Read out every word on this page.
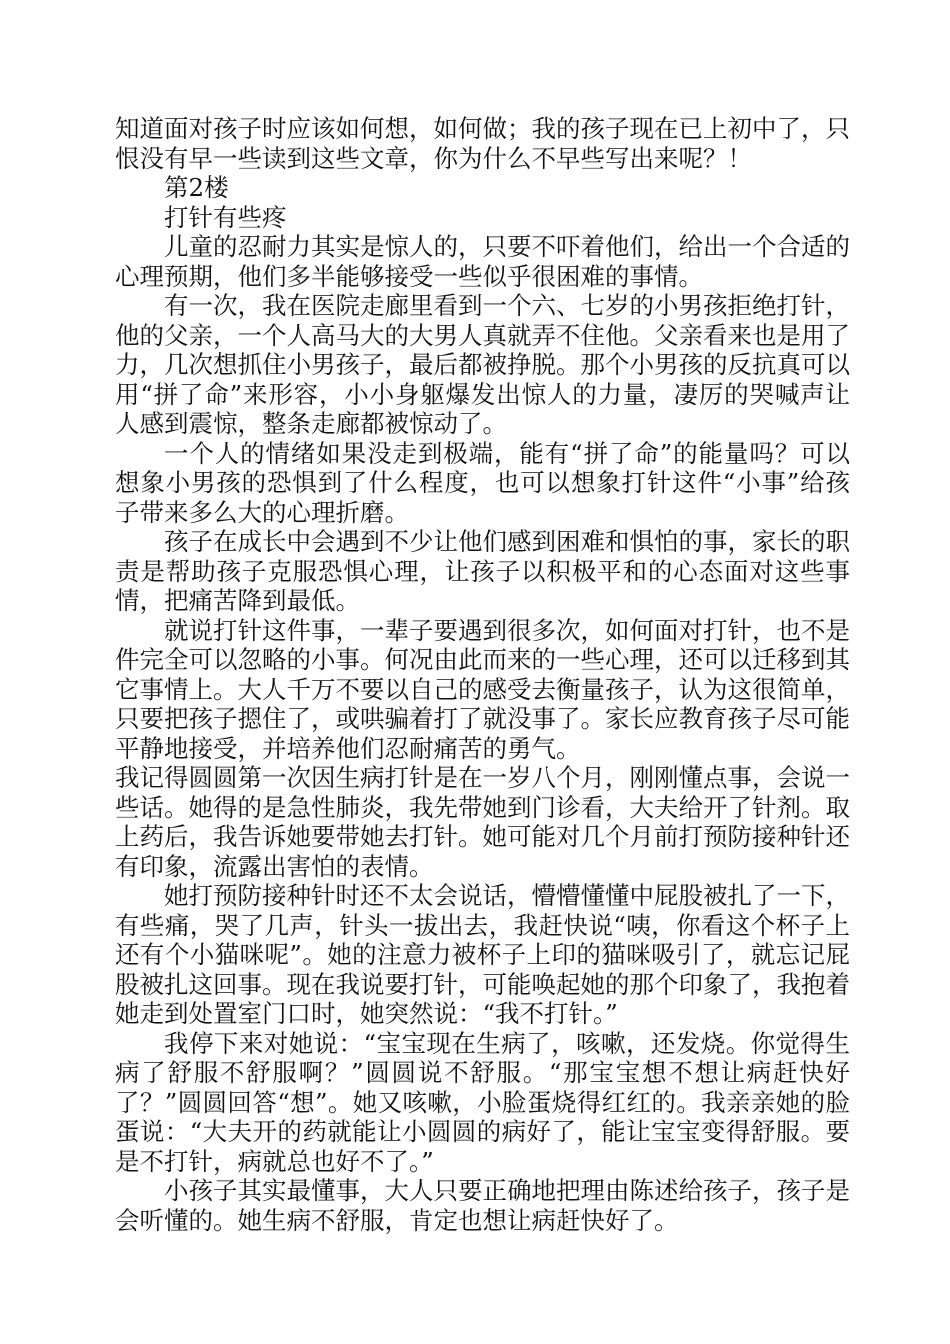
知道面对孩子时应该如何想，如何做；我的孩子现在已上初中了，只恨没有早一些读到这些文章，你为什么不早些写出来呢？！

第2楼

打针有些疼

儿童的忍耐力其实是惊人的，只要不吓着他们，给出一个合适的心理预期，他们多半能够接受一些似乎很困难的事情。

有一次，我在医院走廊里看到一个六、七岁的小男孩拒绝打针，他的父亲，一个人高马大的大男人真就弄不住他。父亲看来也是用了力，几次想抓住小男孩子，最后都被挣脱。那个小男孩的反抗真可以用“拼了命”来形容，小小身躯爆发出惊人的力量，凄厉的哭喊声让人感到震惊，整条走廊都被惊动了。

一个人的情绪如果没走到极端，能有“拼了命”的能量吗？可以想象小男孩的恐惧到了什么程度，也可以想象打针这件“小事”给孩子带来多么大的心理折磨。

孩子在成长中会遇到不少让他们感到困难和惧怕的事，家长的职责是帮助孩子克服恐惧心理，让孩子以积极平和的心态面对这些事情，把痛苦降到最低。

就说打针这件事，一辈子要遇到很多次，如何面对打针，也不是件完全可以忽略的小事。何况由此而来的一些心理，还可以迁移到其它事情上。大人千万不要以自己的感受去衡量孩子，认为这很简单，只要把孩子摁住了，或哄骗着打了就没事了。家长应教育孩子尽可能平静地接受，并培养他们忍耐痛苦的勇气。

我记得圆圆第一次因生病打针是在一岁八个月，刚刚懂点事，会说一些话。她得的是急性肺炎，我先带她到门诊看，大夫给开了针剂。取上药后，我告诉她要带她去打针。她可能对几个月前打预防接种针还有印象，流露出害怕的表情。

她打预防接种针时还不太会说话，懵懵懂懂中屁股被扎了一下，有些痛，哭了几声，针头一拔出去，我赶快说“咦，你看这个杯子上还有个小猫咪呢”。她的注意力被杯子上印的猫咪吸引了，就忘记屁股被扎这回事。现在我说要打针，可能唤起她的那个印象了，我抱着她走到处置室门口时，她突然说：“我不打针。”

我停下来对她说：“宝宝现在生病了，咳嗽，还发烧。你觉得生病了舒服不舒服啊？”圆圆说不舒服。“那宝宝想不想让病赶快好了？”圆圆回答“想”。她又咳嗽，小脸蛋烧得红红的。我亲亲她的脸蛋说：“大夫开的药就能让小圆圆的病好了，能让宝宝变得舒服。要是不打针，病就总也好不了。”

小孩子其实最懂事，大人只要正确地把理由陈述给孩子，孩子是会听懂的。她生病不舒服，肯定也想让病赶快好了。
